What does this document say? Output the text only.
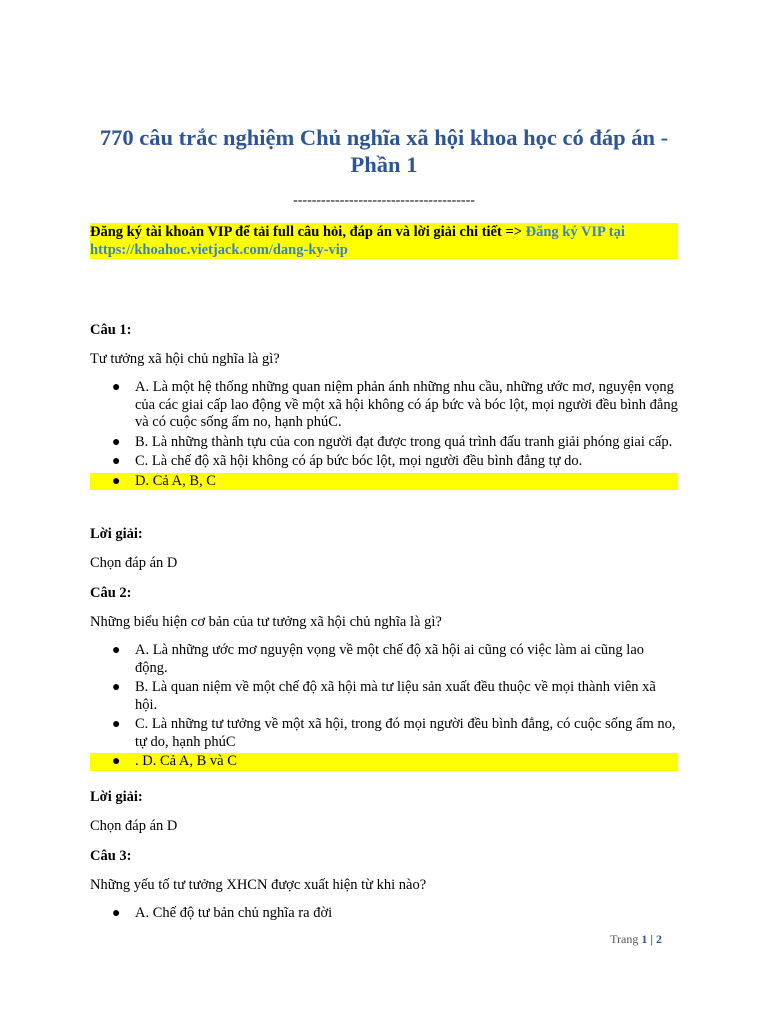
770 câu trắc nghiệm Chủ nghĩa xã hội khoa học có đáp án - Phần 1
---------------------------------------
Đăng ký tài khoản VIP để tải full câu hỏi, đáp án và lời giải chi tiết => Đăng ký VIP tại https://khoahoc.vietjack.com/dang-ky-vip
Câu 1:
Tư tưởng xã hội chủ nghĩa là gì?
● A. Là một hệ thống những quan niệm phản ánh những nhu cầu, những ước mơ, nguyện vọng của các giai cấp lao động về một xã hội không có áp bức và bóc lột, mọi người đều bình đẳng và có cuộc sống ấm no, hạnh phúC.
● B. Là những thành tựu của con người đạt được trong quá trình đấu tranh giải phóng giai cấp.
● C. Là chế độ xã hội không có áp bức bóc lột, mọi người đều bình đẳng tự do.
● D. Cả A, B, C
Lời giải:
Chọn đáp án D
Câu 2:
Những biểu hiện cơ bản của tư tưởng xã hội chủ nghĩa là gì?
● A. Là những ước mơ nguyện vọng về một chế độ xã hội ai cũng có việc làm ai cũng lao động.
● B. Là quan niệm về một chế độ xã hội mà tư liệu sản xuất đều thuộc về mọi thành viên xã hội.
● C. Là những tư tưởng về một xã hội, trong đó mọi người đều bình đẳng, có cuộc sống ấm no, tự do, hạnh phúC
● . D. Cả A, B và C
Lời giải:
Chọn đáp án D
Câu 3:
Những yếu tố tư tưởng XHCN được xuất hiện từ khi nào?
● A. Chế độ tư bản chủ nghĩa ra đời
Trang 1 | 2
